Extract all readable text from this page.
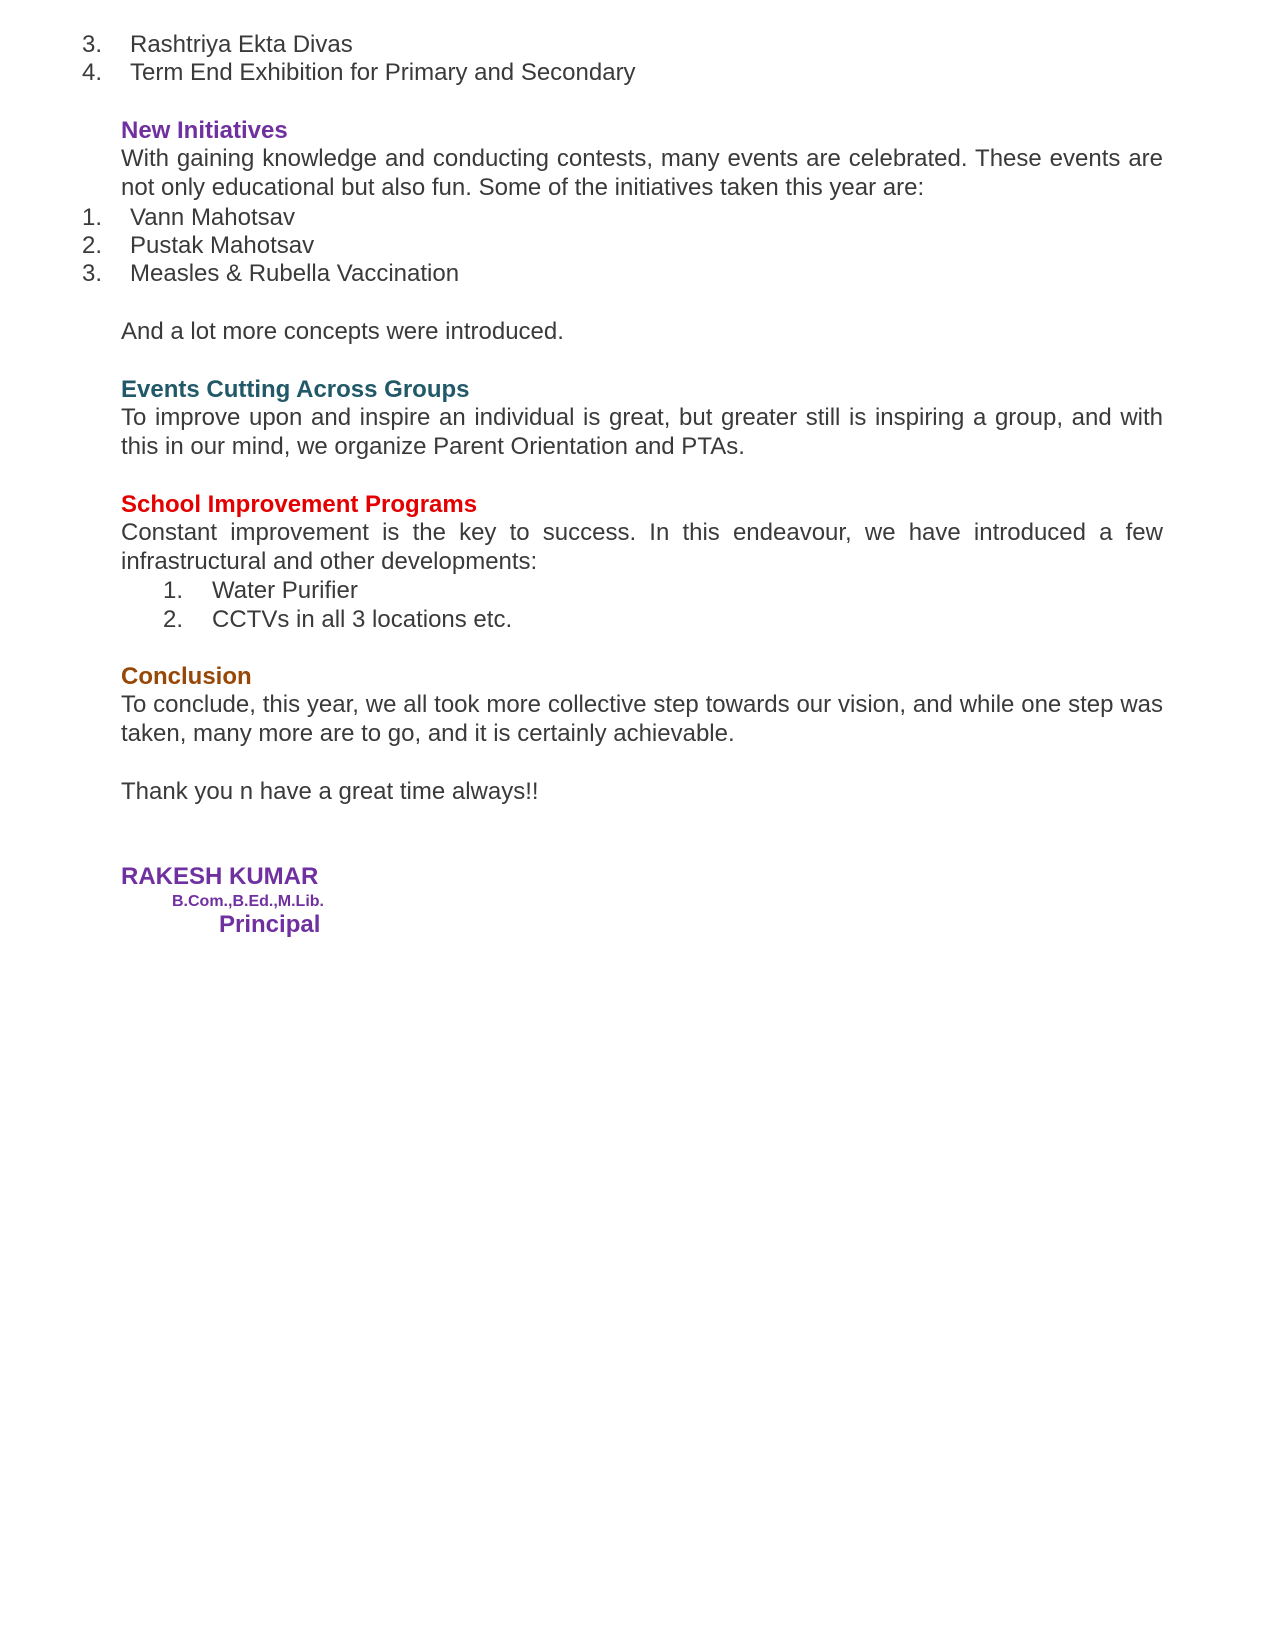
3. Rashtriya Ekta Divas
4. Term End Exhibition for Primary and Secondary
New Initiatives
With gaining knowledge and conducting contests, many events are celebrated. These events are not only educational but also fun. Some of the initiatives taken this year are:
1. Vann Mahotsav
2. Pustak Mahotsav
3. Measles & Rubella Vaccination
And a lot more concepts were introduced.
Events Cutting Across Groups
To improve upon and inspire an individual is great, but greater still is inspiring a group, and with this in our mind, we organize Parent Orientation and PTAs.
School Improvement Programs
Constant improvement is the key to success. In this endeavour, we have introduced a few infrastructural and other developments:
1. Water Purifier
2. CCTVs in all 3 locations etc.
Conclusion
To conclude, this year, we all took more collective step towards our vision, and while one step was taken, many more are to go, and it is certainly achievable.
Thank you n have a great time always!!
RAKESH KUMAR
B.Com.,B.Ed.,M.Lib.
Principal
